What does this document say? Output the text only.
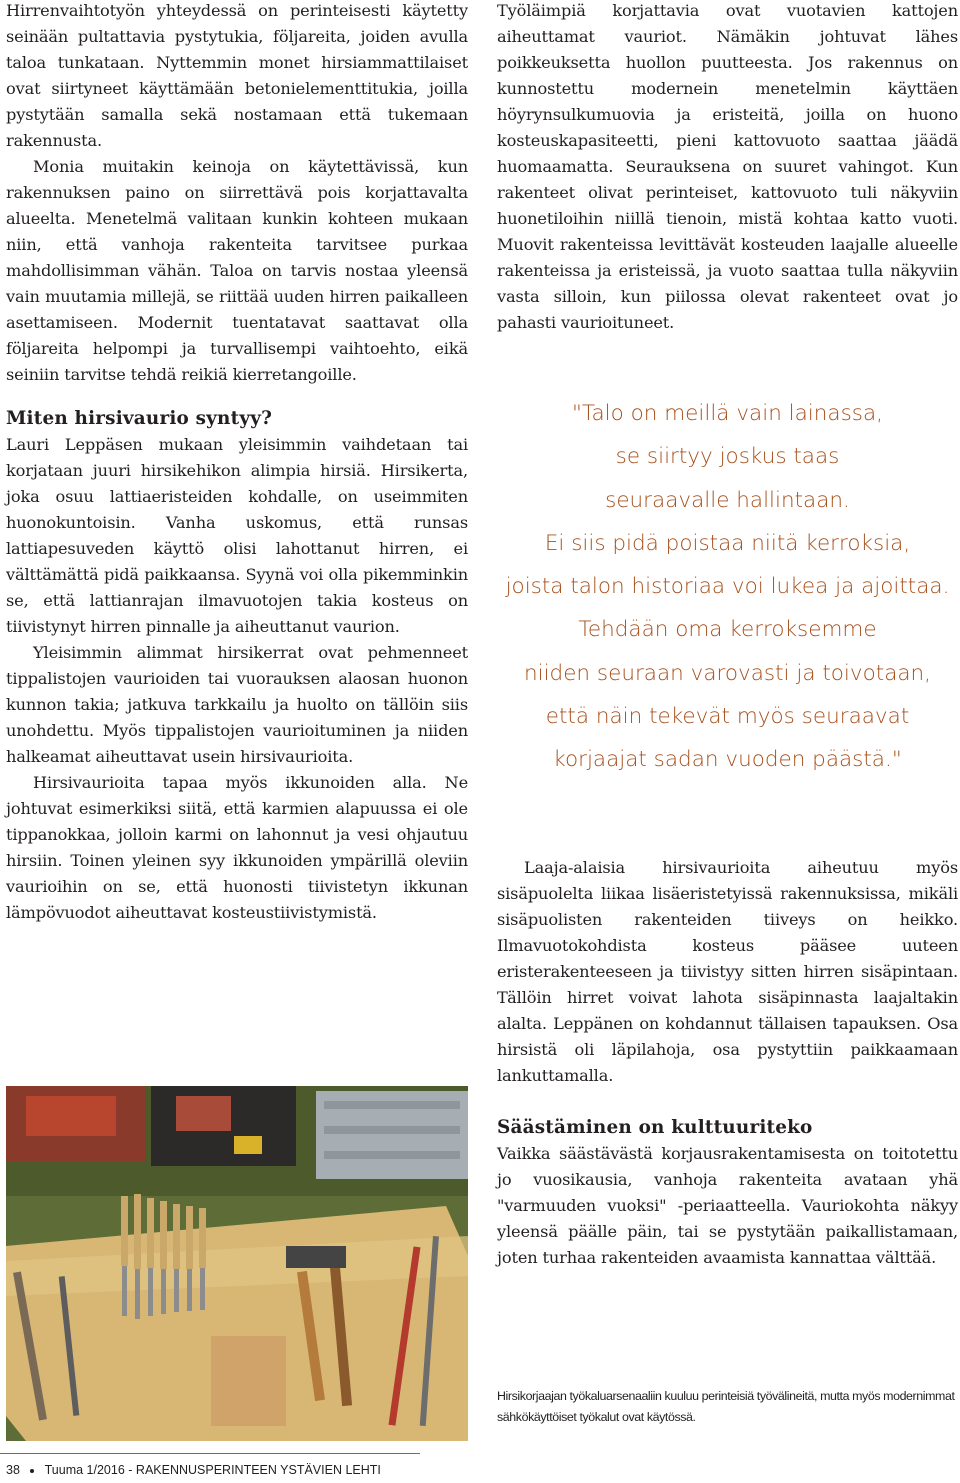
Hirrenvaihtotyön yhteydessä on perinteisesti käytetty seinään pultattavia pystytukia, följareita, joiden avulla taloa tunkataan. Nyttemmin monet hirsiammattilaiset ovat siirtyneet käyttämään betonielementtitukia, joilla pystytään samalla sekä nostamaan että tukemaan rakennusta.

Monia muitakin keinoja on käytettävissä, kun rakennuksen paino on siirrettävä pois korjattavalta alueelta. Menetelmä valitaan kunkin kohteen mukaan niin, että vanhoja rakenteita tarvitsee purkaa mahdollisimman vähän. Taloa on tarvis nostaa yleensä vain muutamia millejä, se riittää uuden hirren paikalleen asettamiseen. Modernit tuentatavat saattavat olla följareita helpompi ja turvallisempi vaihtoehto, eikä seiniin tarvitse tehdä reikiä kierretangoille.

Miten hirsivaurio syntyy?

Lauri Leppäsen mukaan yleisimmin vaihdetaan tai korjataan juuri hirsikehikon alimpia hirsiä. Hirsikerta, joka osuu lattiaeristeiden kohdalle, on useimmiten huonokuntoisin. Vanha uskomus, että runsas lattiapesuveden käyttö olisi lahottanut hirren, ei välttämättä pidä paikkaansa. Syynä voi olla pikemminkin se, että lattianrajan ilmavuotojen takia kosteus on tiivistynyt hirren pinnalle ja aiheuttanut vaurion.

Yleisimmin alimmat hirsikerrat ovat pehmenneet tippalistojen vaurioiden tai vuorauksen alaosan huonon kunnon takia; jatkuva tarkkailu ja huolto on tällöin siis unohdettu. Myös tippalistojen vaurioituminen ja niiden halkeamat aiheuttavat usein hirsivaurioita.

Hirsivaurioita tapaa myös ikkunoiden alla. Ne johtuvat esimerkiksi siitä, että karmien alapuussa ei ole tippanokkaa, jolloin karmi on lahonnut ja vesi ohjautuu hirsiin. Toinen yleinen syy ikkunoiden ympärillä oleviin vaurioihin on se, että huonosti tiivistetyn ikkunan lämpövuodot aiheuttavat kosteustiivistymistä.

Työläimpiä korjattavia ovat vuotavien kattojen aiheuttamat vauriot. Nämäkin johtuvat lähes poikkeuksetta huollon puutteesta. Jos rakennus on kunnostettu modernein menetelmin käyttäen höyrynsulkumuovia ja eristeitä, joilla on huono kosteuskapasiteetti, pieni kattovuoto saattaa jäädä huomaamatta. Seurauksena on suuret vahingot. Kun rakenteet olivat perinteiset, kattovuoto tuli näkyviin huonetiloihin niillä tienoin, mistä kohtaa katto vuoti. Muovit rakenteissa levittävät kosteuden laajalle alueelle rakenteissa ja eristeissä, ja vuoto saattaa tulla näkyviin vasta silloin, kun piilossa olevat rakenteet ovat jo pahasti vaurioituneet.

"Talo on meillä vain lainassa,
se siirtyy joskus taas
seuraavalle hallintaan.
Ei siis pidä poistaa niitä kerroksia,
joista talon historiaa voi lukea ja ajoittaa.
Tehdään oma kerroksemme
niiden seuraan varovasti ja toivotaan,
että näin tekevät myös seuraavat
korjaajat sadan vuoden päästä."

Laaja-alaisia hirsivaurioita aiheutuu myös sisäpuolelta liikaa lisäeristetyissä rakennuksissa, mikäli sisäpuolisten rakenteiden tiiveys on heikko. Ilmavuotokohdista kosteus pääsee uuteen eristerakenteeseen ja tiivistyy sitten hirren sisäpintaan. Tällöin hirret voivat lahota sisäpinnasta laajaltakin alalta. Leppänen on kohdannut tällaisen tapauksen. Osa hirsistä oli läpilahoja, osa pystyttiin paikkaamaan lankuttamalla.

Säästäminen on kulttuuriteko

Vaikka säästävästä korjausrakentamisesta on toitotettu jo vuosikausia, vanhoja rakenteita avataan yhä "varmuuden vuoksi" -periaatteella. Vauriokohta näkyy yleensä päälle päin, tai se pystytään paikallistamaan, joten turhaa rakenteiden avaamista kannattaa välttää.

Hirsikorjaajan työkaluarsenaaliin kuuluu perinteisiä työvälineitä, mutta myös modernimmat sähkökäyttöiset työkalut ovat käytössä.
38 Tuuma 1/2016 - RAKENNUSPERINTEEN YSTÄVIEN LEHTI
